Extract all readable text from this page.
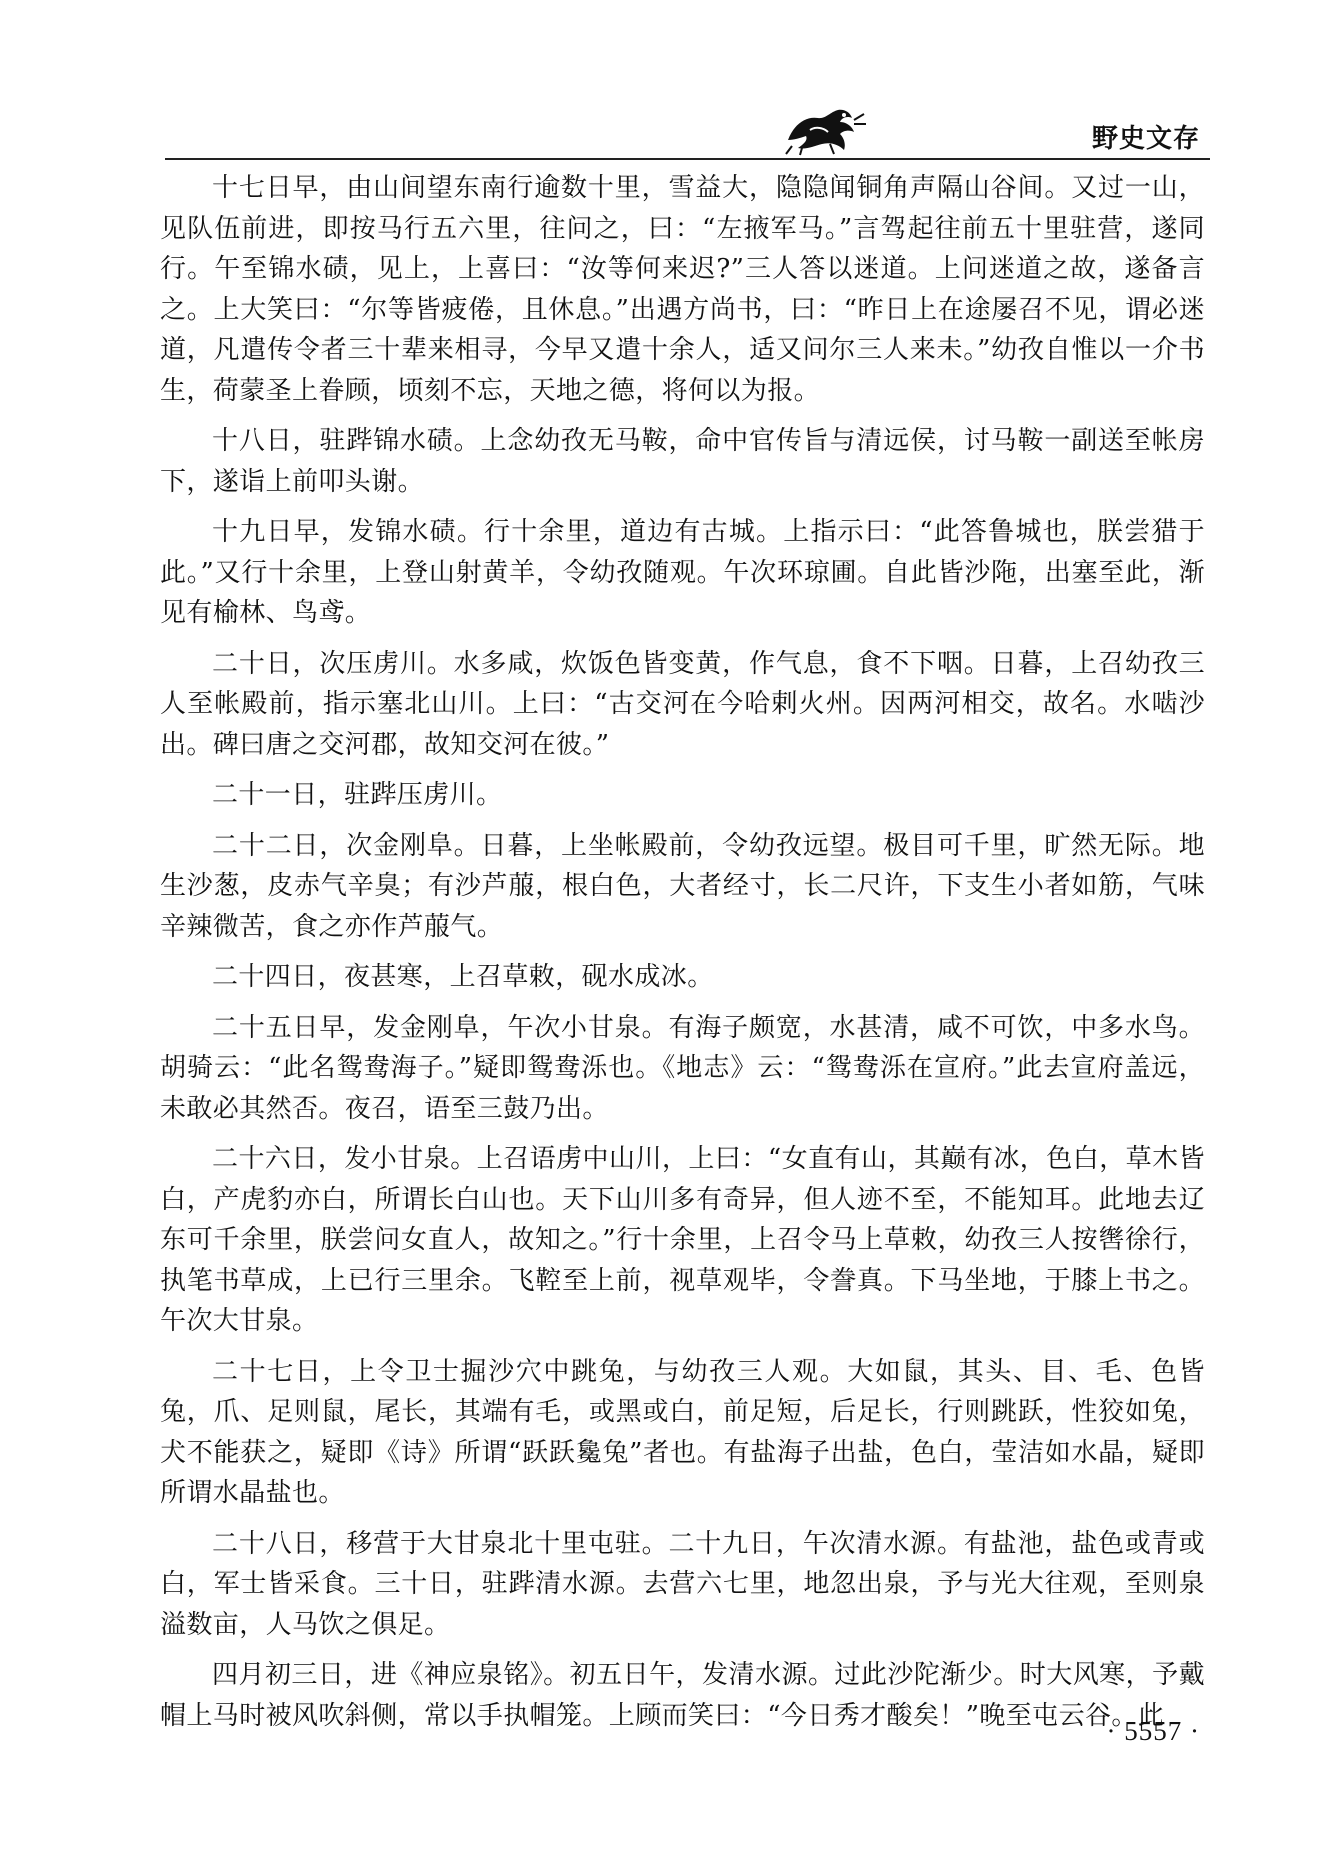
野史文存

十七日早，由山间望东南行逾数十里，雪益大，隐隐闻铜角声隔山谷间。又过一山，见队伍前进，即按马行五六里，往问之，曰：“左掖军马。”言驾起往前五十里驻营，遂同行。午至锦水碛，见上，上喜曰：“汝等何来迟?”三人答以迷道。上问迷道之故，遂备言之。上大笑曰：“尔等皆疲倦，且休息。”出遇方尚书，曰：“昨日上在途屡召不见，谓必迷道，凡遣传令者三十辈来相寻，今早又遣十余人，适又问尔三人来未。”幼孜自惟以一介书生，荷蒙圣上眷顾，顷刻不忘，天地之德，将何以为报。

十八日，驻跸锦水碛。上念幼孜无马鞍，命中官传旨与清远侯，讨马鞍一副送至帐房下，遂诣上前叩头谢。

十九日早，发锦水碛。行十余里，道边有古城。上指示曰：“此答鲁城也，朕尝猎于此。”又行十余里，上登山射黄羊，令幼孜随观。午次环琼圃。自此皆沙陁，出塞至此，渐见有榆林、鸟鸢。

二十日，次压虏川。水多咸，炊饭色皆变黄，作气息，食不下咽。日暮，上召幼孜三人至帐殿前，指示塞北山川。上曰：“古交河在今哈剌火州。因两河相交，故名。水啮沙出。碑曰唐之交河郡，故知交河在彼。”

二十一日，驻跸压虏川。

二十二日，次金刚阜。日暮，上坐帐殿前，令幼孜远望。极目可千里，旷然无际。地生沙葱，皮赤气辛臭；有沙芦菔，根白色，大者经寸，长二尺许，下支生小者如筋，气味辛辣微苦，食之亦作芦菔气。

二十四日，夜甚寒，上召草敕，砚水成冰。

二十五日早，发金刚阜，午次小甘泉。有海子颇宽，水甚清，咸不可饮，中多水鸟。胡骑云：“此名鸳鸯海子。”疑即鸳鸯泺也。《地志》云：“鸳鸯泺在宣府。”此去宣府盖远，未敢必其然否。夜召，语至三鼓乃出。

二十六日，发小甘泉。上召语虏中山川，上曰：“女直有山，其巅有冰，色白，草木皆白，产虎豹亦白，所谓长白山也。天下山川多有奇异，但人迹不至，不能知耳。此地去辽东可千余里，朕尝问女直人，故知之。”行十余里，上召令马上草敕，幼孜三人按辔徐行，执笔书草成，上已行三里余。飞鞚至上前，视草观毕，令誊真。下马坐地，于膝上书之。午次大甘泉。

二十七日，上令卫士掘沙穴中跳兔，与幼孜三人观。大如鼠，其头、目、毛、色皆兔，爪、足则鼠，尾长，其端有毛，或黑或白，前足短，后足长，行则跳跃，性狡如兔，犬不能获之，疑即《诗》所谓“跃跃毚兔”者也。有盐海子出盐，色白，莹洁如水晶，疑即所谓水晶盐也。

二十八日，移营于大甘泉北十里屯驻。二十九日，午次清水源。有盐池，盐色或青或白，军士皆采食。三十日，驻跸清水源。去营六七里，地忽出泉，予与光大往观，至则泉溢数亩，人马饮之俱足。

四月初三日，进《神应泉铭》。初五日午，发清水源。过此沙陀渐少。时大风寒，予戴帽上马时被风吹斜侧，常以手执帽笼。上顾而笑曰：“今日秀才酸矣！”晚至屯云谷。此

· 5557 ·
